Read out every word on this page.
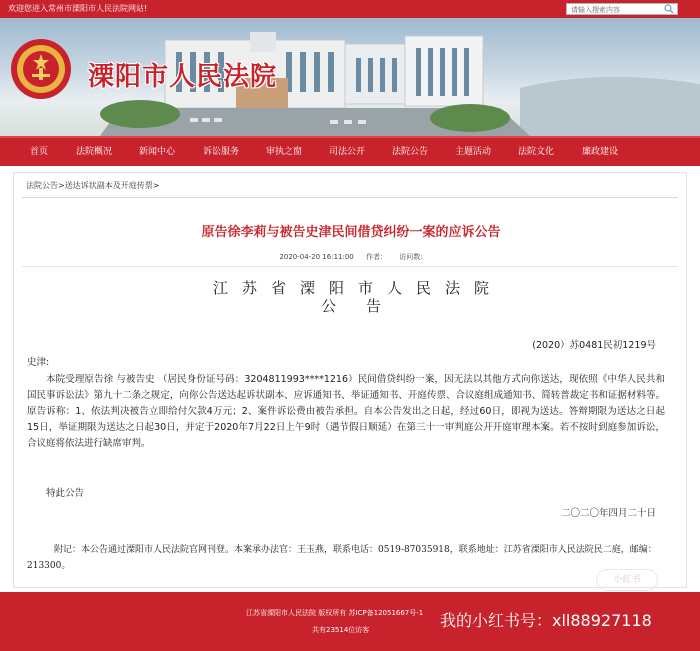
欢迎您进入常州市溧阳市人民法院网站!	请输入搜索内容
溧阳市人民法院
首页	法院概况	新闻中心	诉讼服务	审执之窗	司法公开	法院公告	主题活动	法院文化	廉政建设
法院公告>送达诉状副本及开庭传票>
原告徐李莉与被告史津民间借贷纠纷一案的应诉公告
2020-04-20 16:11:00 作者： 访问数:
江苏省溧阳市人民法院
公告
(2020）苏0481民初1219号
史津:
本院受理原告徐 与被告史 （居民身份证号码：3204811993****1216）民间借贷纠纷一案，因无法以其他方式向你送达，现依照《中华人民共和国民事诉讼法》第九十二条之规定，向你公告送达起诉状副本、应诉通知书、举证通知书、开庭传票、合议庭组成通知书、简转普裁定书和证据材料等。原告诉称：1、依法判决被告立即给付欠款4万元；2、案件诉讼费由被告承担。自本公告发出之日起，经过60日，即视为送达。答辩期限为送达之日起15日，举证期限为送达之日起30日，并定于2020年7月22日上午9时（遇节假日顺延）在第三十一审判庭公开开庭审理本案。若不按时到庭参加诉讼，合议庭将依法进行缺席审判。
特此公告
二〇二〇年四月二十日
附记：本公告通过溧阳市人民法院官网刊登。本案承办法官：王玉燕，联系电话：0519-87035918，联系地址：江苏省溧阳市人民法院民二庭，邮编：213300。
小红书
江苏省溧阳市人民法院 版权所有 苏ICP备12051667号-1
共有23514位访客	我的小红书号：xll88927118
